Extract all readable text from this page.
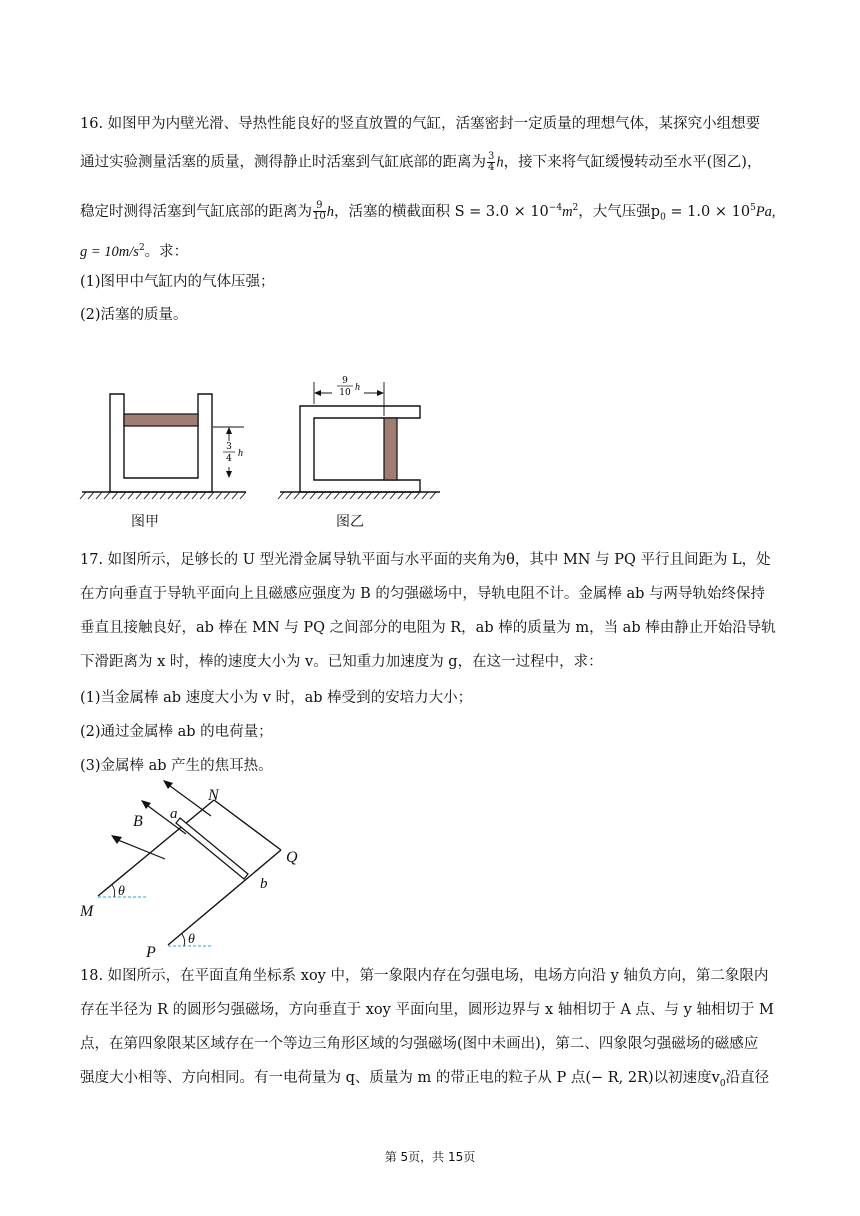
16. 如图甲为内壁光滑、导热性能良好的竖直放置的气缸，活塞密封一定质量的理想气体，某探究小组想要
通过实验测量活塞的质量，测得静止时活塞到气缸底部的距离为 $\frac{3}{4}$ h，接下来将气缸缓慢转动至水平(图乙)，
稳定时测得活塞到气缸底部的距离为 $\frac{9}{10}$ h，活塞的横截面积 $S = 3.0 \times 10^{-4}m^2$，大气压强$p_0 = 1.0 \times 10^5Pa$,
$g = 10m/s^2$。求：
(1)图甲中气缸内的气体压强；
(2)活塞的质量。
3
4 h
9
10 h
N
a
B
Q
b
M
P
θ
θ
图甲	图乙
17. 如图所示，足够长的 U 型光滑金属导轨平面与水平面的夹角为θ，其中 MN 与 PQ 平行且间距为 L，处
在方向垂直于导轨平面向上且磁感应强度为 B 的匀强磁场中，导轨电阻不计。金属棒 ab 与两导轨始终保持
垂直且接触良好，ab 棒在 MN 与 PQ 之间部分的电阻为 R，ab 棒的质量为 m，当 ab 棒由静止开始沿导轨
下滑距离为 x 时，棒的速度大小为 v。已知重力加速度为 g，在这一过程中，求：
(1)当金属棒 ab 速度大小为 v 时，ab 棒受到的安培力大小；
(2)通过金属棒 ab 的电荷量；
(3)金属棒 ab 产生的焦耳热。
18. 如图所示，在平面直角坐标系 xoy 中，第一象限内存在匀强电场，电场方向沿 y 轴负方向，第二象限内
存在半径为 R 的圆形匀强磁场，方向垂直于 xoy 平面向里，圆形边界与 x 轴相切于 A 点、与 y 轴相切于 M
点，在第四象限某区域存在一个等边三角形区域的匀强磁场(图中未画出)，第二、四象限匀强磁场的磁感应
强度大小相等、方向相同。有一电荷量为 q、质量为 m 的带正电的粒子从 P 点(− R, 2R)以初速度$v_0$沿直径
第 5页，共 15页
